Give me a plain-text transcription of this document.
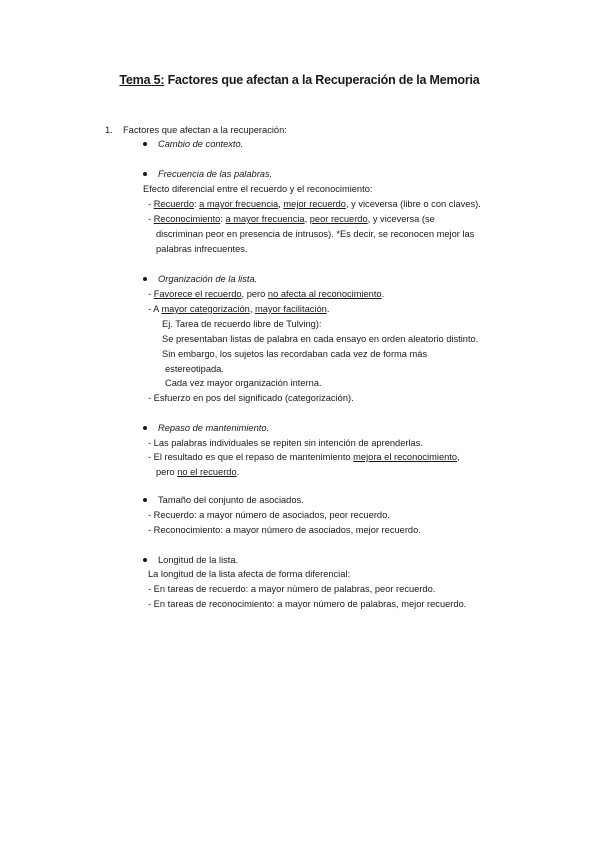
Tema 5: Factores que afectan a la Recuperación de la Memoria
1. Factores que afectan a la recuperación:
Cambio de contexto.
Frecuencia de las palabras.
Efecto diferencial entre el recuerdo y el reconocimiento:
- Recuerdo: a mayor frecuencia, mejor recuerdo, y viceversa (libre o con claves).
- Reconocimiento: a mayor frecuencia, peor recuerdo, y viceversa (se
discriminan peor en presencia de intrusos). *Es decir, se reconocen mejor las
palabras infrecuentes.
Organización de la lista.
- Favorece el recuerdo, pero no afecta al reconocimiento.
- A mayor categorización, mayor facilitación.
Ej. Tarea de recuerdo libre de Tulving):
Se presentaban listas de palabra en cada ensayo en orden aleatorio distinto.
Sin embargo, los sujetos las recordaban cada vez de forma más
estereotipada.
Cada vez mayor organización interna.
- Esfuerzo en pos del significado (categorización).
Repaso de mantenimiento.
- Las palabras individuales se repiten sin intención de aprenderlas.
- El resultado es que el repaso de mantenimiento mejora el reconocimiento,
pero no el recuerdo.
Tamaño del conjunto de asociados.
- Recuerdo: a mayor número de asociados, peor recuerdo.
- Reconocimiento: a mayor número de asociados, mejor recuerdo.
Longitud de la lista.
La longitud de la lista afecta de forma diferencial:
- En tareas de recuerdo: a mayor número de palabras, peor recuerdo.
- En tareas de reconocimiento: a mayor número de palabras, mejor recuerdo.
